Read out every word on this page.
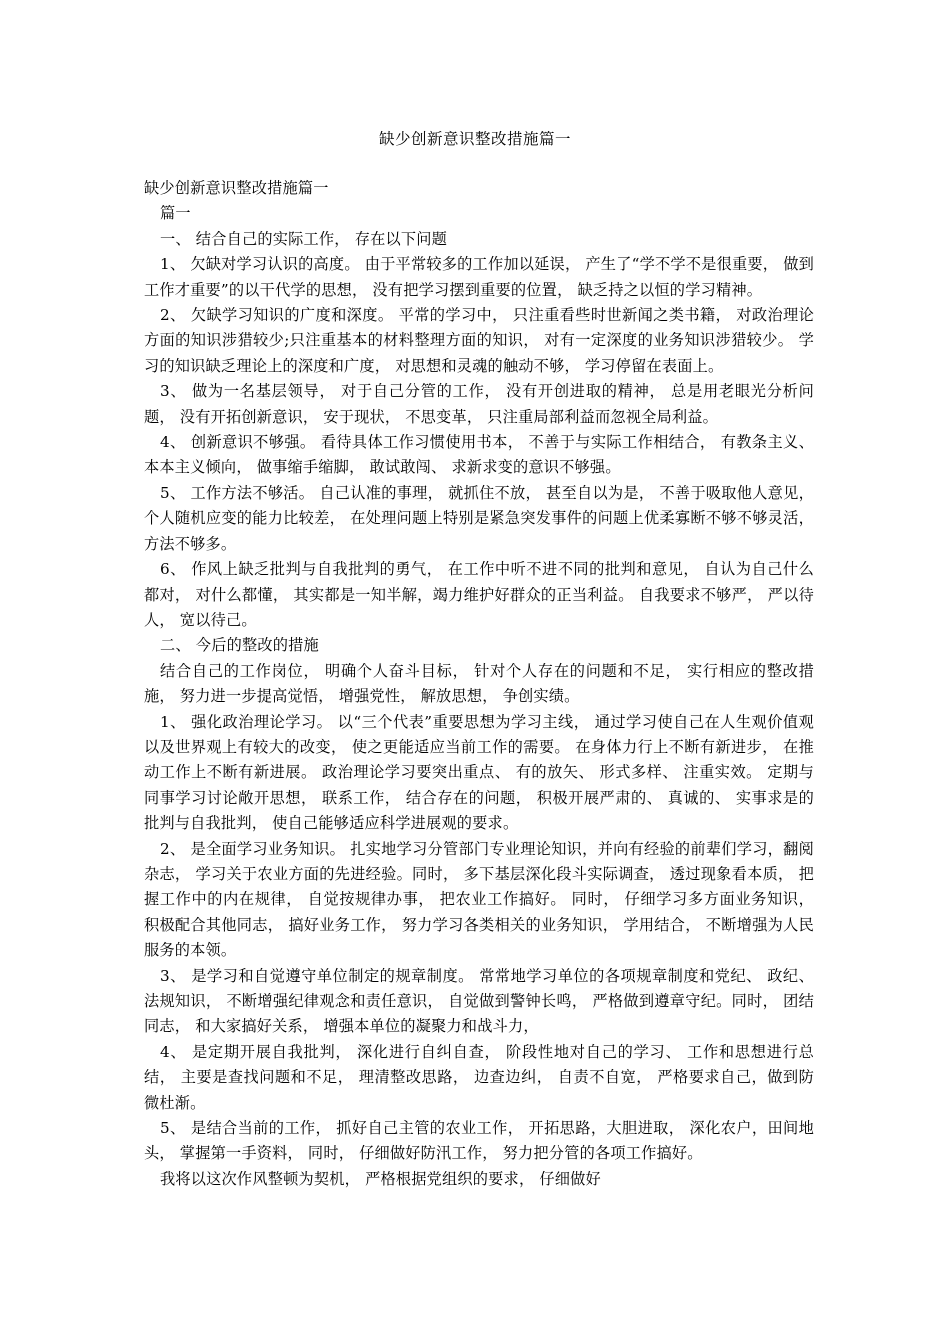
缺少创新意识整改措施篇一

缺少创新意识整改措施篇一

篇一

一、 结合自己的实际工作， 存在以下问题

1、 欠缺对学习认识的高度。 由于平常较多的工作加以延误， 产生了“学不学不是很重要， 做到工作才重要”的以干代学的思想， 没有把学习摆到重要的位置， 缺乏持之以恒的学习精神。

2、 欠缺学习知识的广度和深度。 平常的学习中， 只注重看些时世新闻之类书籍， 对政治理论方面的知识涉猎较少;只注重基本的材料整理方面的知识， 对有一定深度的业务知识涉猎较少。 学习的知识缺乏理论上的深度和广度， 对思想和灵魂的触动不够， 学习停留在表面上。

3、 做为一名基层领导， 对于自己分管的工作， 没有开创进取的精神， 总是用老眼光分析问题， 没有开拓创新意识， 安于现状， 不思变革， 只注重局部利益而忽视全局利益。

4、 创新意识不够强。 看待具体工作习惯使用书本， 不善于与实际工作相结合， 有教条主义、 本本主义倾向， 做事缩手缩脚， 敢试敢闯、 求新求变的意识不够强。

5、 工作方法不够活。 自己认准的事理， 就抓住不放， 甚至自以为是， 不善于吸取他人意见， 个人随机应变的能力比较差， 在处理问题上特别是紧急突发事件的问题上优柔寡断不够不够灵活， 方法不够多。

6、 作风上缺乏批判与自我批判的勇气， 在工作中听不进不同的批判和意见， 自认为自己什么都对， 对什么都懂， 其实都是一知半解，竭力维护好群众的正当利益。 自我要求不够严， 严以待人， 宽以待己。

二、 今后的整改的措施

结合自己的工作岗位， 明确个人奋斗目标， 针对个人存在的问题和不足， 实行相应的整改措施， 努力进一步提高觉悟， 增强党性， 解放思想， 争创实绩。

1、 强化政治理论学习。 以“三个代表”重要思想为学习主线， 通过学习使自己在人生观价值观以及世界观上有较大的改变， 使之更能适应当前工作的需要。 在身体力行上不断有新进步， 在推动工作上不断有新进展。 政治理论学习要突出重点、 有的放矢、 形式多样、 注重实效。 定期与同事学习讨论敞开思想， 联系工作， 结合存在的问题， 积极开展严肃的、 真诚的、 实事求是的批判与自我批判， 使自己能够适应科学进展观的要求。

2、 是全面学习业务知识。 扎实地学习分管部门专业理论知识，并向有经验的前辈们学习，翻阅杂志， 学习关于农业方面的先进经验。同时， 多下基层深化段斗实际调查， 透过现象看本质， 把握工作中的内在规律， 自觉按规律办事， 把农业工作搞好。 同时， 仔细学习多方面业务知识， 积极配合其他同志， 搞好业务工作， 努力学习各类相关的业务知识， 学用结合， 不断增强为人民服务的本领。

3、 是学习和自觉遵守单位制定的规章制度。 常常地学习单位的各项规章制度和党纪、 政纪、 法规知识， 不断增强纪律观念和责任意识， 自觉做到警钟长鸣， 严格做到遵章守纪。同时， 团结同志， 和大家搞好关系， 增强本单位的凝聚力和战斗力，

4、 是定期开展自我批判， 深化进行自纠自查， 阶段性地对自己的学习、 工作和思想进行总结， 主要是查找问题和不足， 理清整改思路， 边查边纠， 自责不自宽， 严格要求自己，做到防微杜渐。

5、 是结合当前的工作， 抓好自己主管的农业工作， 开拓思路，大胆进取， 深化农户，田间地头， 掌握第一手资料， 同时， 仔细做好防汛工作， 努力把分管的各项工作搞好。

我将以这次作风整顿为契机， 严格根据党组织的要求， 仔细做好
